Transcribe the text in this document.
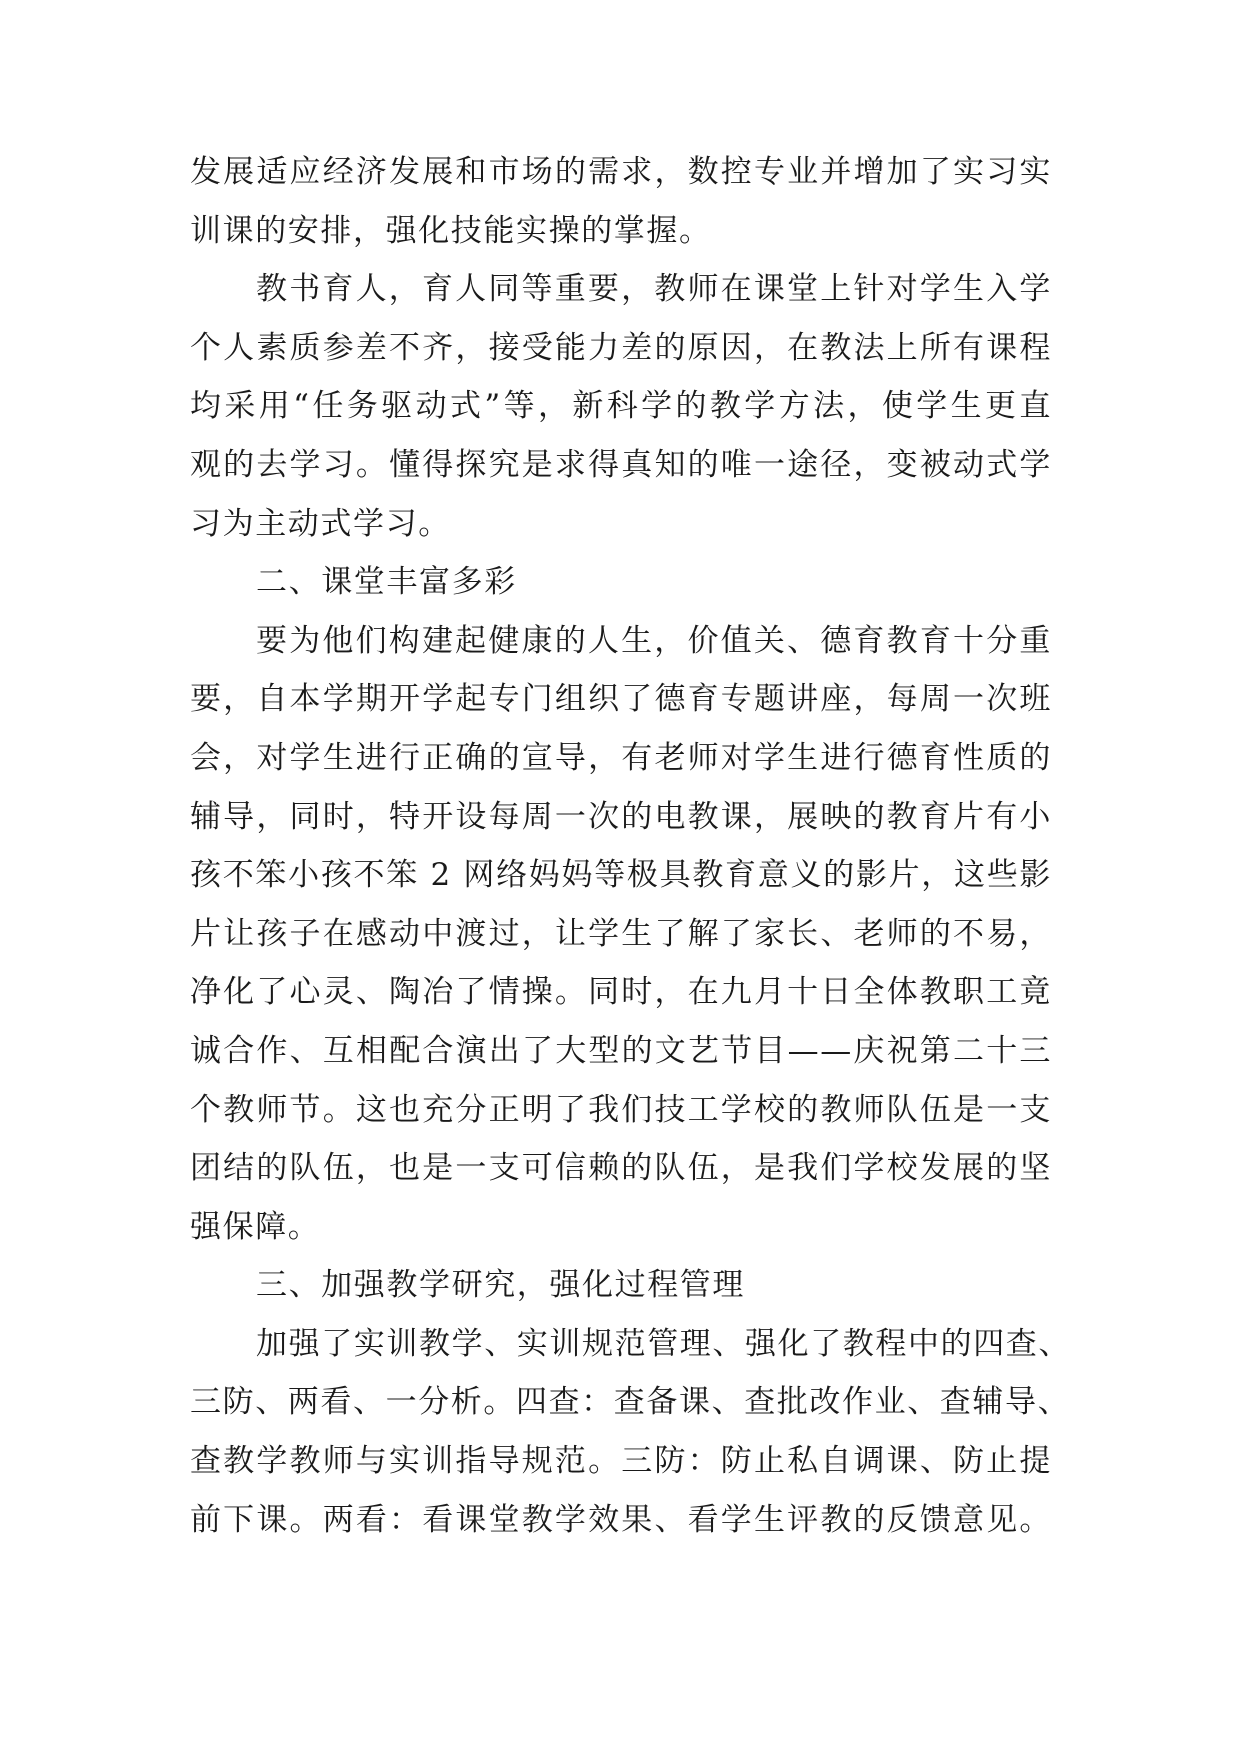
发展适应经济发展和市场的需求，数控专业并增加了实习实
训课的安排，强化技能实操的掌握。
教书育人，育人同等重要，教师在课堂上针对学生入学
个人素质参差不齐，接受能力差的原因，在教法上所有课程
均采用“任务驱动式”等，新科学的教学方法，使学生更直
观的去学习。懂得探究是求得真知的唯一途径，变被动式学
习为主动式学习。
二、课堂丰富多彩
要为他们构建起健康的人生，价值关、德育教育十分重
要，自本学期开学起专门组织了德育专题讲座，每周一次班
会，对学生进行正确的宣导，有老师对学生进行德育性质的
辅导，同时，特开设每周一次的电教课，展映的教育片有小
孩不笨小孩不笨 2 网络妈妈等极具教育意义的影片，这些影
片让孩子在感动中渡过，让学生了解了家长、老师的不易，
净化了心灵、陶冶了情操。同时，在九月十日全体教职工竟
诚合作、互相配合演出了大型的文艺节目——庆祝第二十三
个教师节。这也充分正明了我们技工学校的教师队伍是一支
团结的队伍，也是一支可信赖的队伍，是我们学校发展的坚
强保障。
三、加强教学研究，强化过程管理
加强了实训教学、实训规范管理、强化了教程中的四查、
三防、两看、一分析。四查：查备课、查批改作业、查辅导、
查教学教师与实训指导规范。三防：防止私自调课、防止提
前下课。两看：看课堂教学效果、看学生评教的反馈意见。
